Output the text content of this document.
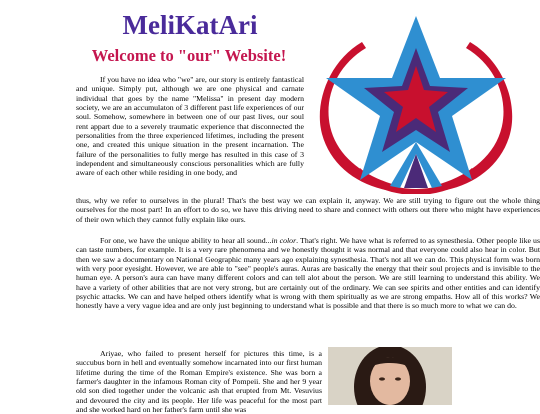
MeliKatAri
Welcome to "our" Website!

If you have no idea who "we" are, our story is entirely fantastical and unique. Simply put, although we are one physical and carnate individual that goes by the name "Melissa" in present day modern society, we are an accumulaton of 3 different past life experiences of our soul. Somehow, somewhere in between one of our past lives, our soul rent appart due to a severely traumatic experience that disconnected the personalities from the three experienced lifetimes, including the present one, and created this unique situation in the present incarnation. The failure of the personalities to fully merge has resulted in this case of 3 independent and simultaneously conscious personalities which are fully aware of each other while residing in one body, and

thus, why we refer to ourselves in the plural! That's the best way we can explain it, anyway. We are still trying to figure out the whole thing ourselves for the most part! In an effort to do so, we have this driving need to share and connect with others out there who might have experiences of their own which they cannot fully explain like ours.

For one, we have the unique ability to hear all sound...in color. That's right. We have what is referred to as synesthesia. Other people like us can taste numbers, for example. It is a very rare phenomena and we honestly thought it was normal and that everyone could also hear in color. But then we saw a documentary on National Geographic many years ago explaining synesthesia. That's not all we can do. This physical form was born with very poor eyesight. However, we are able to "see" people's auras. Auras are basically the energy that their soul projects and is invisible to the human eye. A person's aura can have many different colors and can tell alot about the person. We are still learning to understand this ability. We have a variety of other abilities that are not very strong, but are certainly out of the ordinary. We can see spirits and other entities and can identify psychic attacks. We can and have helped others identify what is wrong with them spiritually as we are strong empaths. How all of this works? We honestly have a very vague idea and are only just beginning to understand what is possible and that there is so much more to what we can do.

Ariyae, who failed to present herself for pictures this time, is a succubus born in hell and eventually somehow incarnated into our first human lifetime during the time of the Roman Empire's existence. She was born a farmer's daughter in the infamous Roman city of Pompeii. She and her 9 year old son died together under the volcanic ash that erupted from Mt. Vesuvius and devoured the city and its people. Her life was peaceful for the most part and she worked hard on her father's farm until she was
